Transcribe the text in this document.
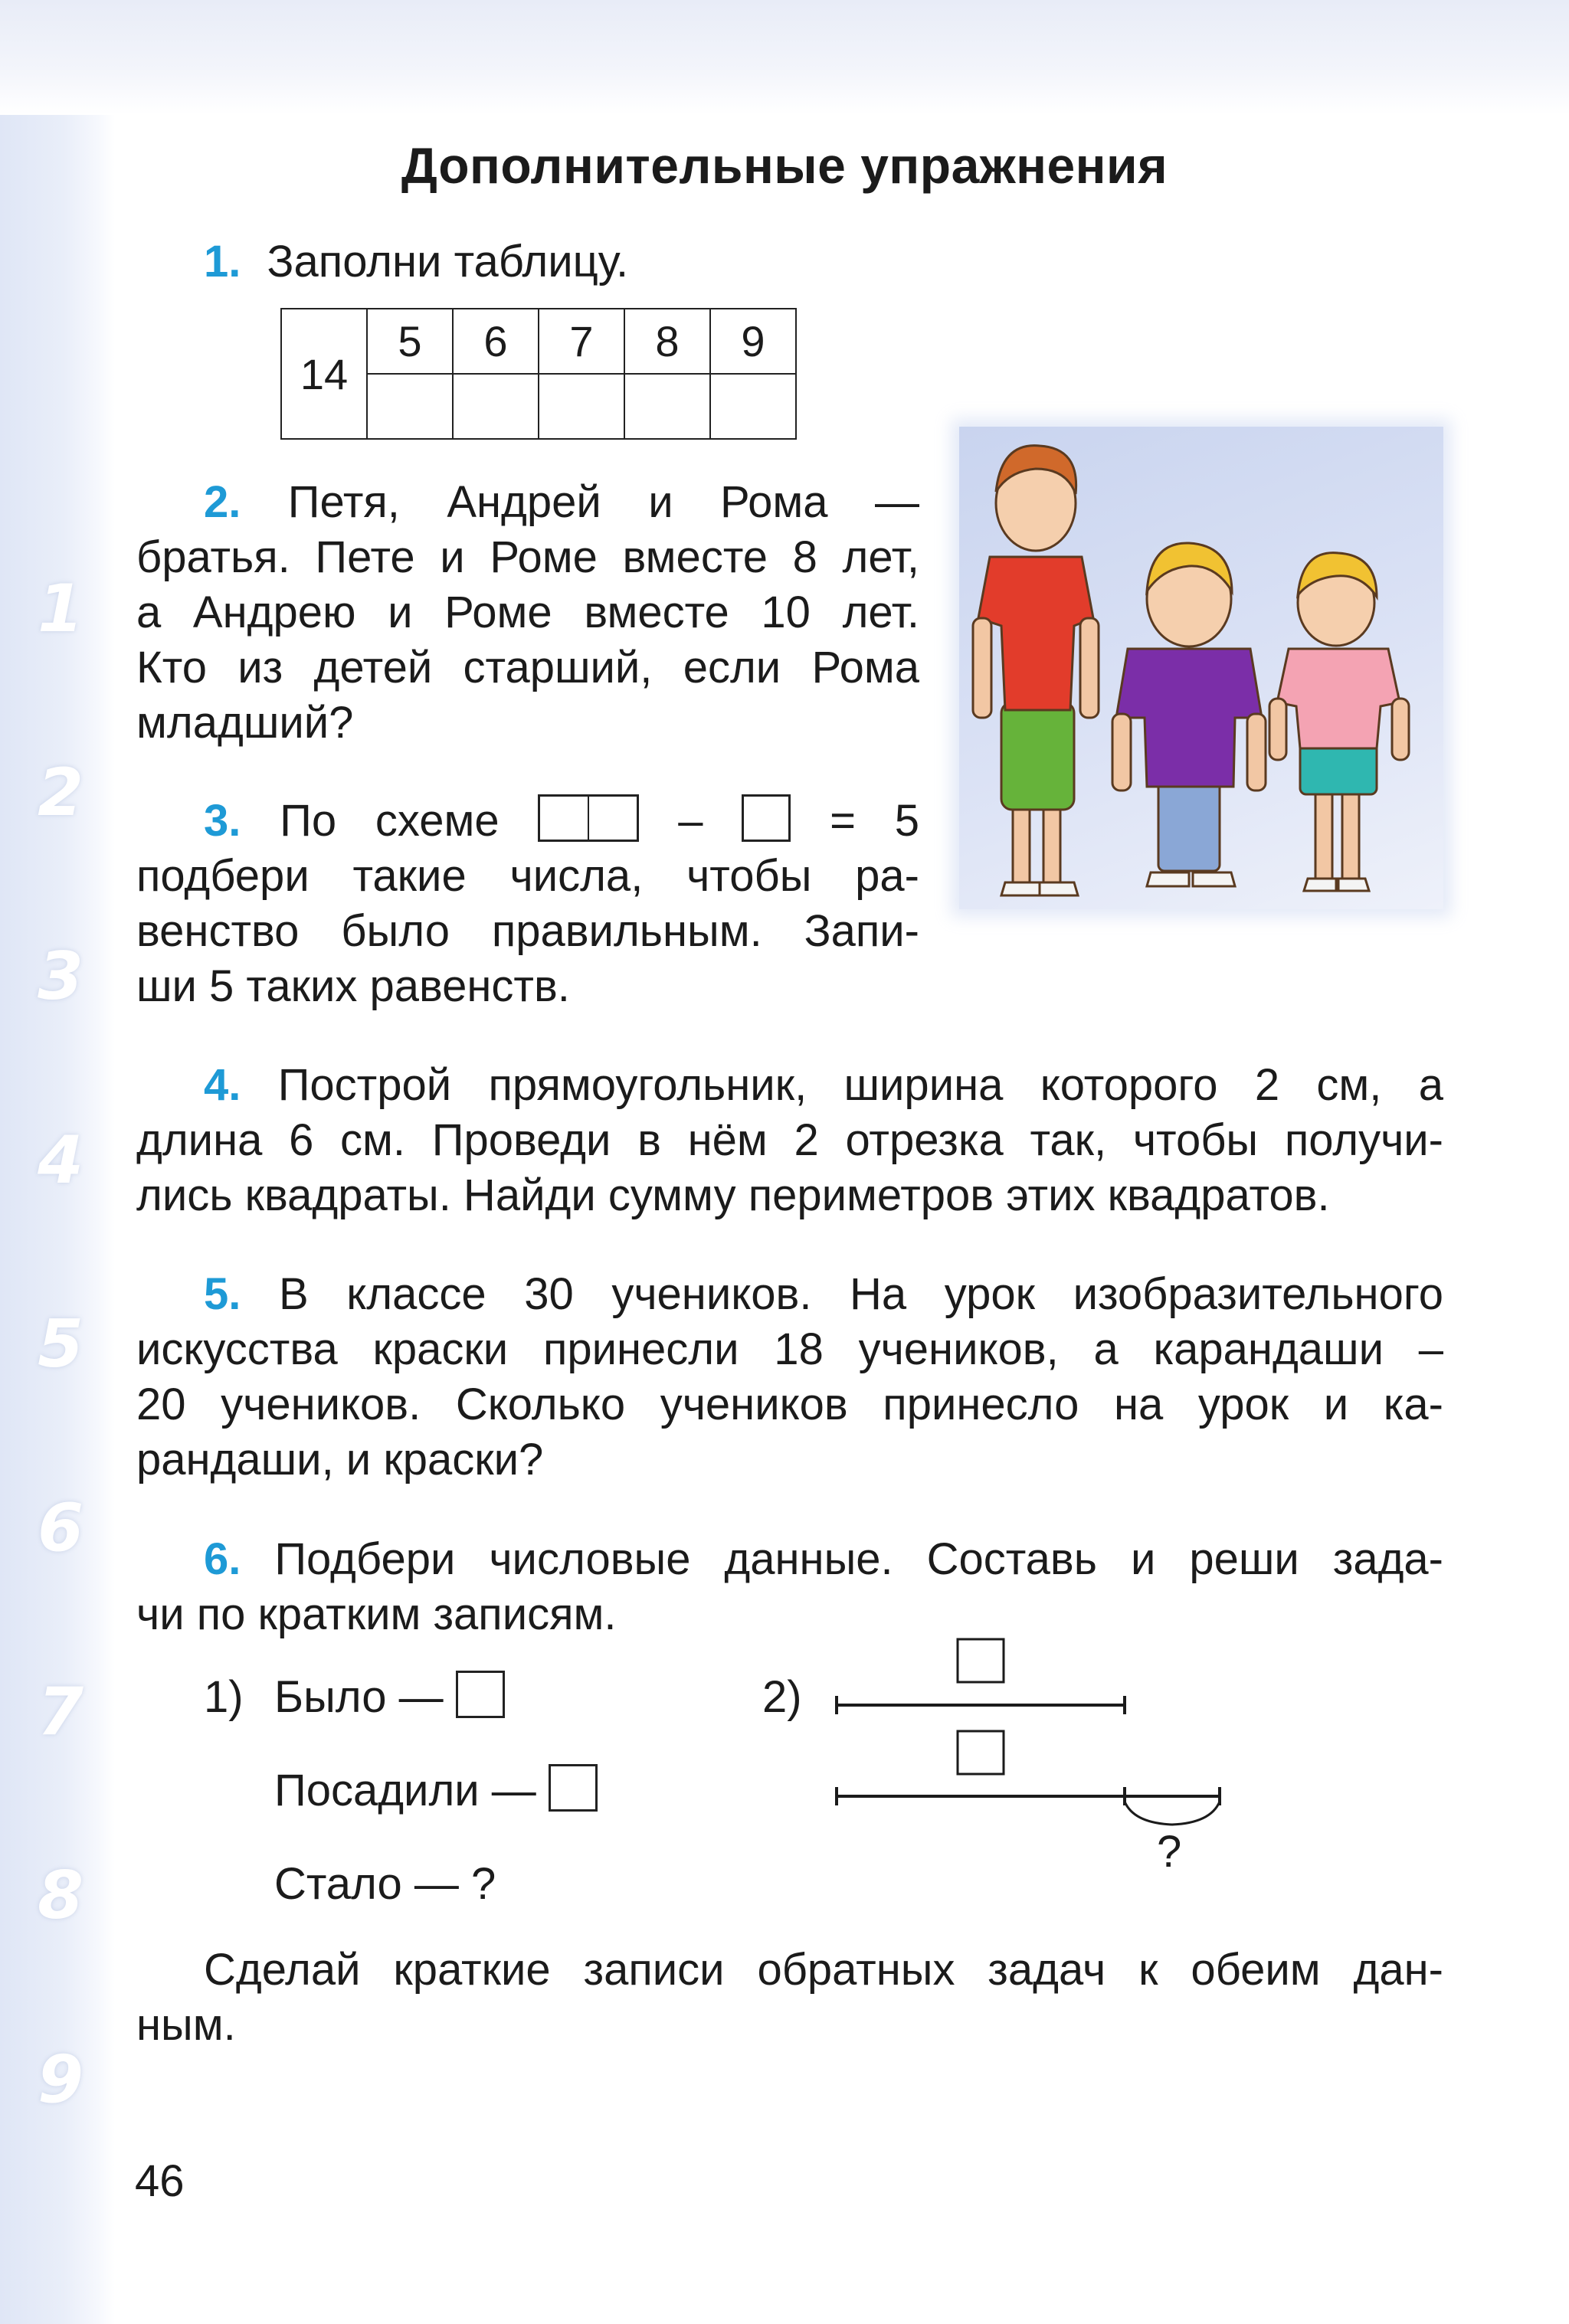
1
2
3
4
5
6
7
8
9
Дополнительные упражнения
1. Заполни таблицу.
14	5	6	7	8	9

2. Петя, Андрей и Рома —
братья. Пете и Роме вместе 8 лет,
а Андрею и Роме вместе 10 лет.
Кто из детей старший, если Рома
младший?
3. По схеме	–	= 5
подбери такие числа, чтобы ра-
венство было правильным. Запи-
ши 5 таких равенств.
4. Построй прямоугольник, ширина которого 2 см, а
длина 6 см. Проведи в нём 2 отрезка так, чтобы получи-
лись квадраты. Найди сумму периметров этих квадратов.
5. В классе 30 учеников. На урок изобразительного
искусства краски принесли 18 учеников, а карандаши –
20 учеников. Сколько учеников принесло на урок и ка-
рандаши, и краски?
6. Подбери числовые данные. Составь и реши зада-
чи по кратким записям.
1) Было —
Посадили —
Стало — ?
2)
?
Сделай краткие записи обратных задач к обеим дан-
ным.
46
